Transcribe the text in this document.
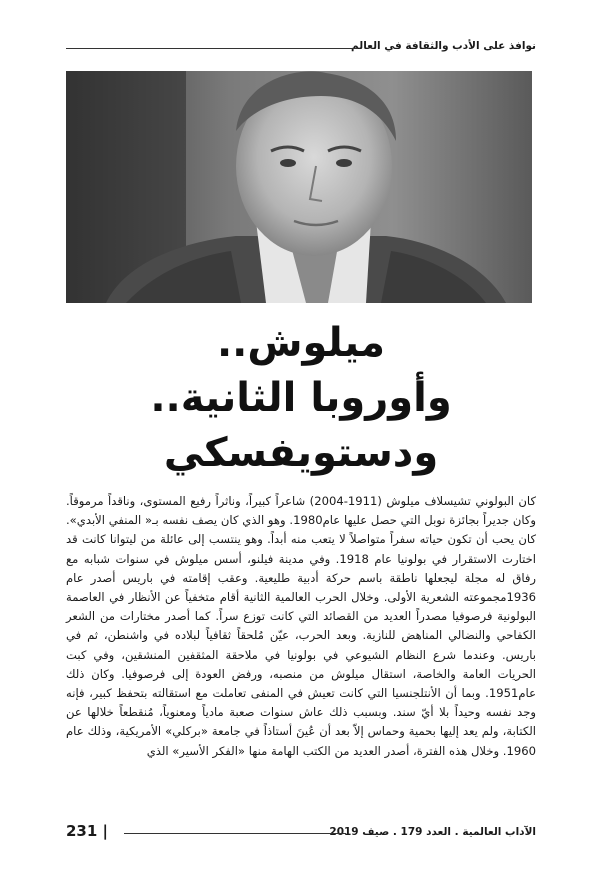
نوافذ على الأدب والثقافة في العالم
ميلوش..
وأوروبا الثانية..
ودستويفسكي
كان البولوني تشيسلاف ميلوش (1911-2004) شاعراً كبيراً، وناثراً رفيع المستوى، وناقداً مرموقاً. وكان جديراً بجائزة نوبل التي حصل عليها عام1980. وهو الذي كان يصف نفسه بـ« المنفي الأبدي». كان يحب أن تكون حياته سفراً متواصلاً لا يتعب منه أبداً. وهو ينتسب إلى عائلة من ليتوانا كانت قد اختارت الاستقرار في بولونيا عام 1918. وفي مدينة فيلنو، أسس ميلوش في سنوات شبابه مع رفاق له مجلة ليجعلها ناطقة باسم حركة أدبية طليعية. وعقب إقامته في باريس أصدر عام 1936مجموعته الشعرية الأولى. وخلال الحرب العالمية الثانية أقام متخفياً عن الأنظار في العاصمة البولونية فرصوفيا مصدراً العديد من القصائد التي كانت توزع سراً. كما أصدر مختارات من الشعر الكفاحي والنضالي المناهض للنازية. وبعد الحرب، عيّن مُلحقاً ثقافياً لبلاده في واشنطن، ثم في باريس. وعندما شرع النظام الشيوعي في بولونيا في ملاحقة المثقفين المنشقين، وفي كبت الحريات العامة والخاصة، استقال ميلوش من منصبه، ورفض العودة إلى فرصوفيا. وكان ذلك عام1951. وبما أن الأنتلجنسيا التي كانت تعيش في المنفى تعاملت مع استقالته بتحفظ كبير، فإنه وجد نفسه وحيداً بلا أيّ سند. وبسبب ذلك عاش سنوات صعبة مادياً ومعنوياً، مُنقطعاً خلالها عن الكتابة، ولم يعد إليها بحمية وحماس إلاّ بعد أن عُينَ أستاذاً في جامعة «بركلي» الأمريكية، وذلك عام 1960. وخلال هذه الفترة، أصدر العديد من الكتب الهامة منها «الفكر الأسير» الذي
الآداب العالمية . العدد 179 . صيف 2019
231 |
